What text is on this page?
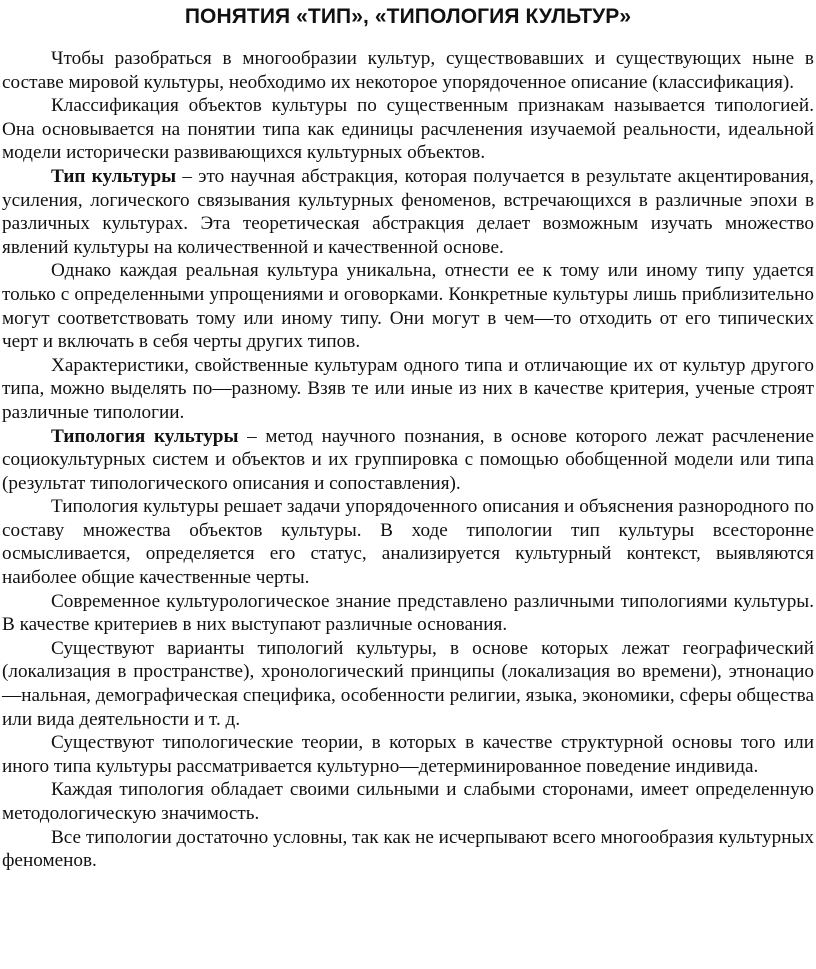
ПОНЯТИЯ «ТИП», «ТИПОЛОГИЯ КУЛЬТУР»

Чтобы разобраться в многообразии культур, существовавших и существующих ныне в составе мировой культуры, необходимо их некоторое упорядоченное описание (классификация).

Классификация объектов культуры по существенным признакам называется типологией. Она основывается на понятии типа как единицы расчленения изучаемой реальности, идеальной модели исторически развивающихся культурных объектов.

Тип культуры – это научная абстракция, которая получается в результате акцентирования, усиления, логического связывания культурных феноменов, встречающихся в различные эпохи в различных культурах. Эта теоретическая абстракция делает возможным изучать множество явлений культуры на количественной и качественной основе.

Однако каждая реальная культура уникальна, отнести ее к тому или иному типу удается только с определенными упрощениями и оговорками. Конкретные культуры лишь приблизительно могут соответствовать тому или иному типу. Они могут в чем—то отходить от его типических черт и включать в себя черты других типов.

Характеристики, свойственные культурам одного типа и отличающие их от культур другого типа, можно выделять по—разному. Взяв те или иные из них в качестве критерия, ученые строят различные типологии.

Типология культуры – метод научного познания, в основе которого лежат расчленение социокультурных систем и объектов и их группировка с помощью обобщенной модели или типа (результат типологического описания и сопоставления).

Типология культуры решает задачи упорядоченного описания и объяснения разнородного по составу множества объектов культуры. В ходе типологии тип культуры всесторонне осмысливается, определяется его статус, анализируется культурный контекст, выявляются наиболее общие качественные черты.

Современное культурологическое знание представлено различными типологиями культуры. В качестве критериев в них выступают различные основания.

Существуют варианты типологий культуры, в основе которых лежат географический (локализация в пространстве), хронологический принципы (локализация во времени), этнонацио—нальная, демографическая специфика, особенности религии, языка, экономики, сферы общества или вида деятельности и т. д.

Существуют типологические теории, в которых в качестве структурной основы того или иного типа культуры рассматривается культурно—детерминированное поведение индивида.

Каждая типология обладает своими сильными и слабыми сторонами, имеет определенную методологическую значимость.

Все типологии достаточно условны, так как не исчерпывают всего многообразия культурных феноменов.
